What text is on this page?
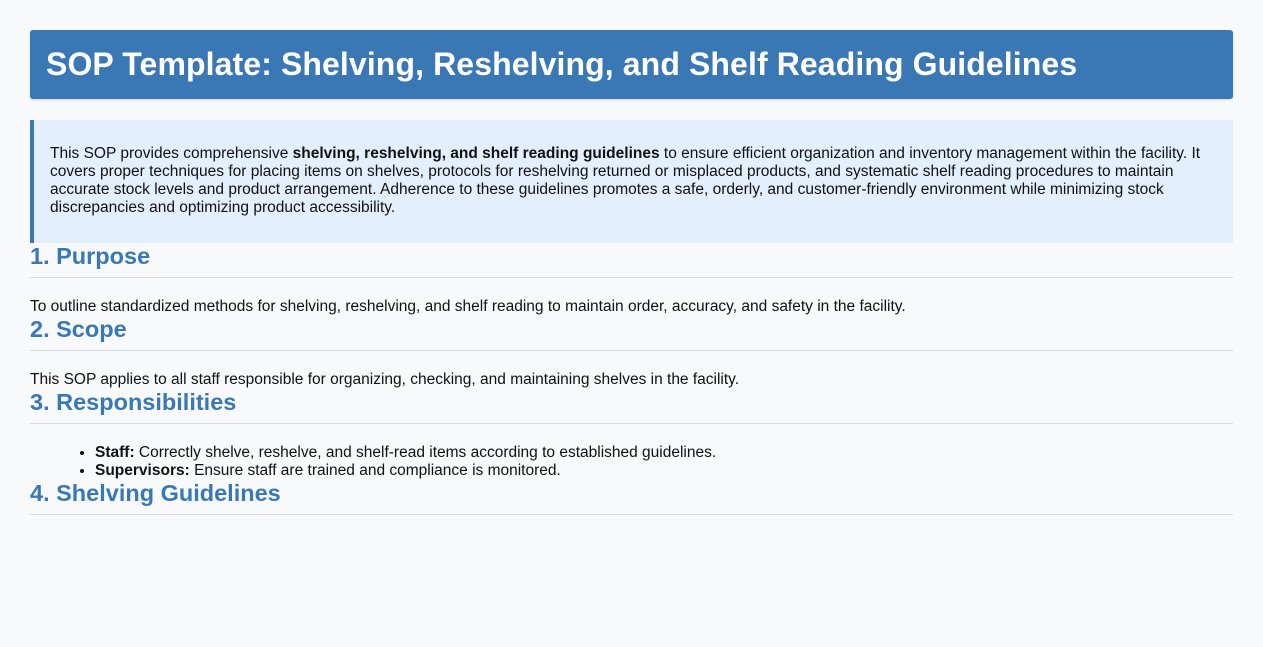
SOP Template: Shelving, Reshelving, and Shelf Reading Guidelines
This SOP provides comprehensive shelving, reshelving, and shelf reading guidelines to ensure efficient organization and inventory management within the facility. It covers proper techniques for placing items on shelves, protocols for reshelving returned or misplaced products, and systematic shelf reading procedures to maintain accurate stock levels and product arrangement. Adherence to these guidelines promotes a safe, orderly, and customer-friendly environment while minimizing stock discrepancies and optimizing product accessibility.
1. Purpose

To outline standardized methods for shelving, reshelving, and shelf reading to maintain order, accuracy, and safety in the facility.

2. Scope

This SOP applies to all staff responsible for organizing, checking, and maintaining shelves in the facility.

3. Responsibilities
• Staff: Correctly shelve, reshelve, and shelf-read items according to established guidelines.
• Supervisors: Ensure staff are trained and compliance is monitored.
4. Shelving Guidelines
